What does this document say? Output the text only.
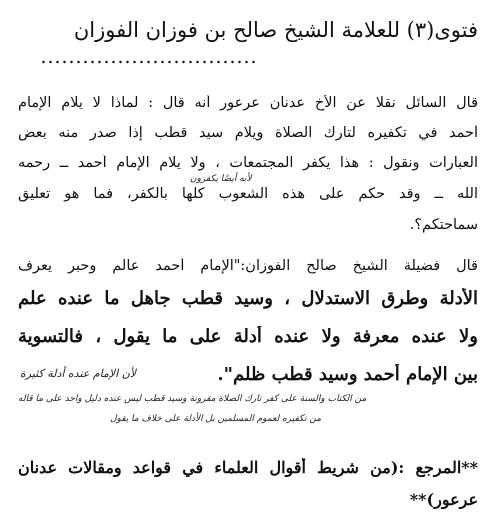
فتوى(٣) للعلامة الشيخ صالح بن فوزان الفوزان
قال السائل نقلا عن الأخ عدنان عرعور أنه قال : لماذا لا يلام الإمام
أحمد في تكفيره لتارك الصلاة ويلام سيد قطب إذا صدر منه بعض
العبارات ونقول : هذا يكفر المجتمعات ، ولا يلام الإمام أحمد ــ رحمه
لأنه أيضًا يكفرون
الله ــ وقد حكم على هذه الشعوب كلها بالكفر، فما هو تعليق
سماحتكم؟.
قال فضيلة الشيخ صالح الفوزان:"الإمام أحمد عالم وحبر يعرف
الأدلة وطرق الاستدلال ، وسيد قطب جاهل ما عنده علم
ولا عنده معرفة ولا عنده أدلة على ما يقول ، فالتسوية
بين الإمام أحمد وسيد قطب ظلم".
لأن الإمام عنده أدلة كثيرة
من الكتاب والسنة على كفر تارك الصلاة مقرونة وسيد قطب ليس عنده دليل واحد على ما قاله
من تكفيره لعموم المسلمين بل الأدلة على خلاف ما يقول
**المرجع :(من شريط أقوال العلماء في قواعد ومقالات عدنان
عرعور)**
